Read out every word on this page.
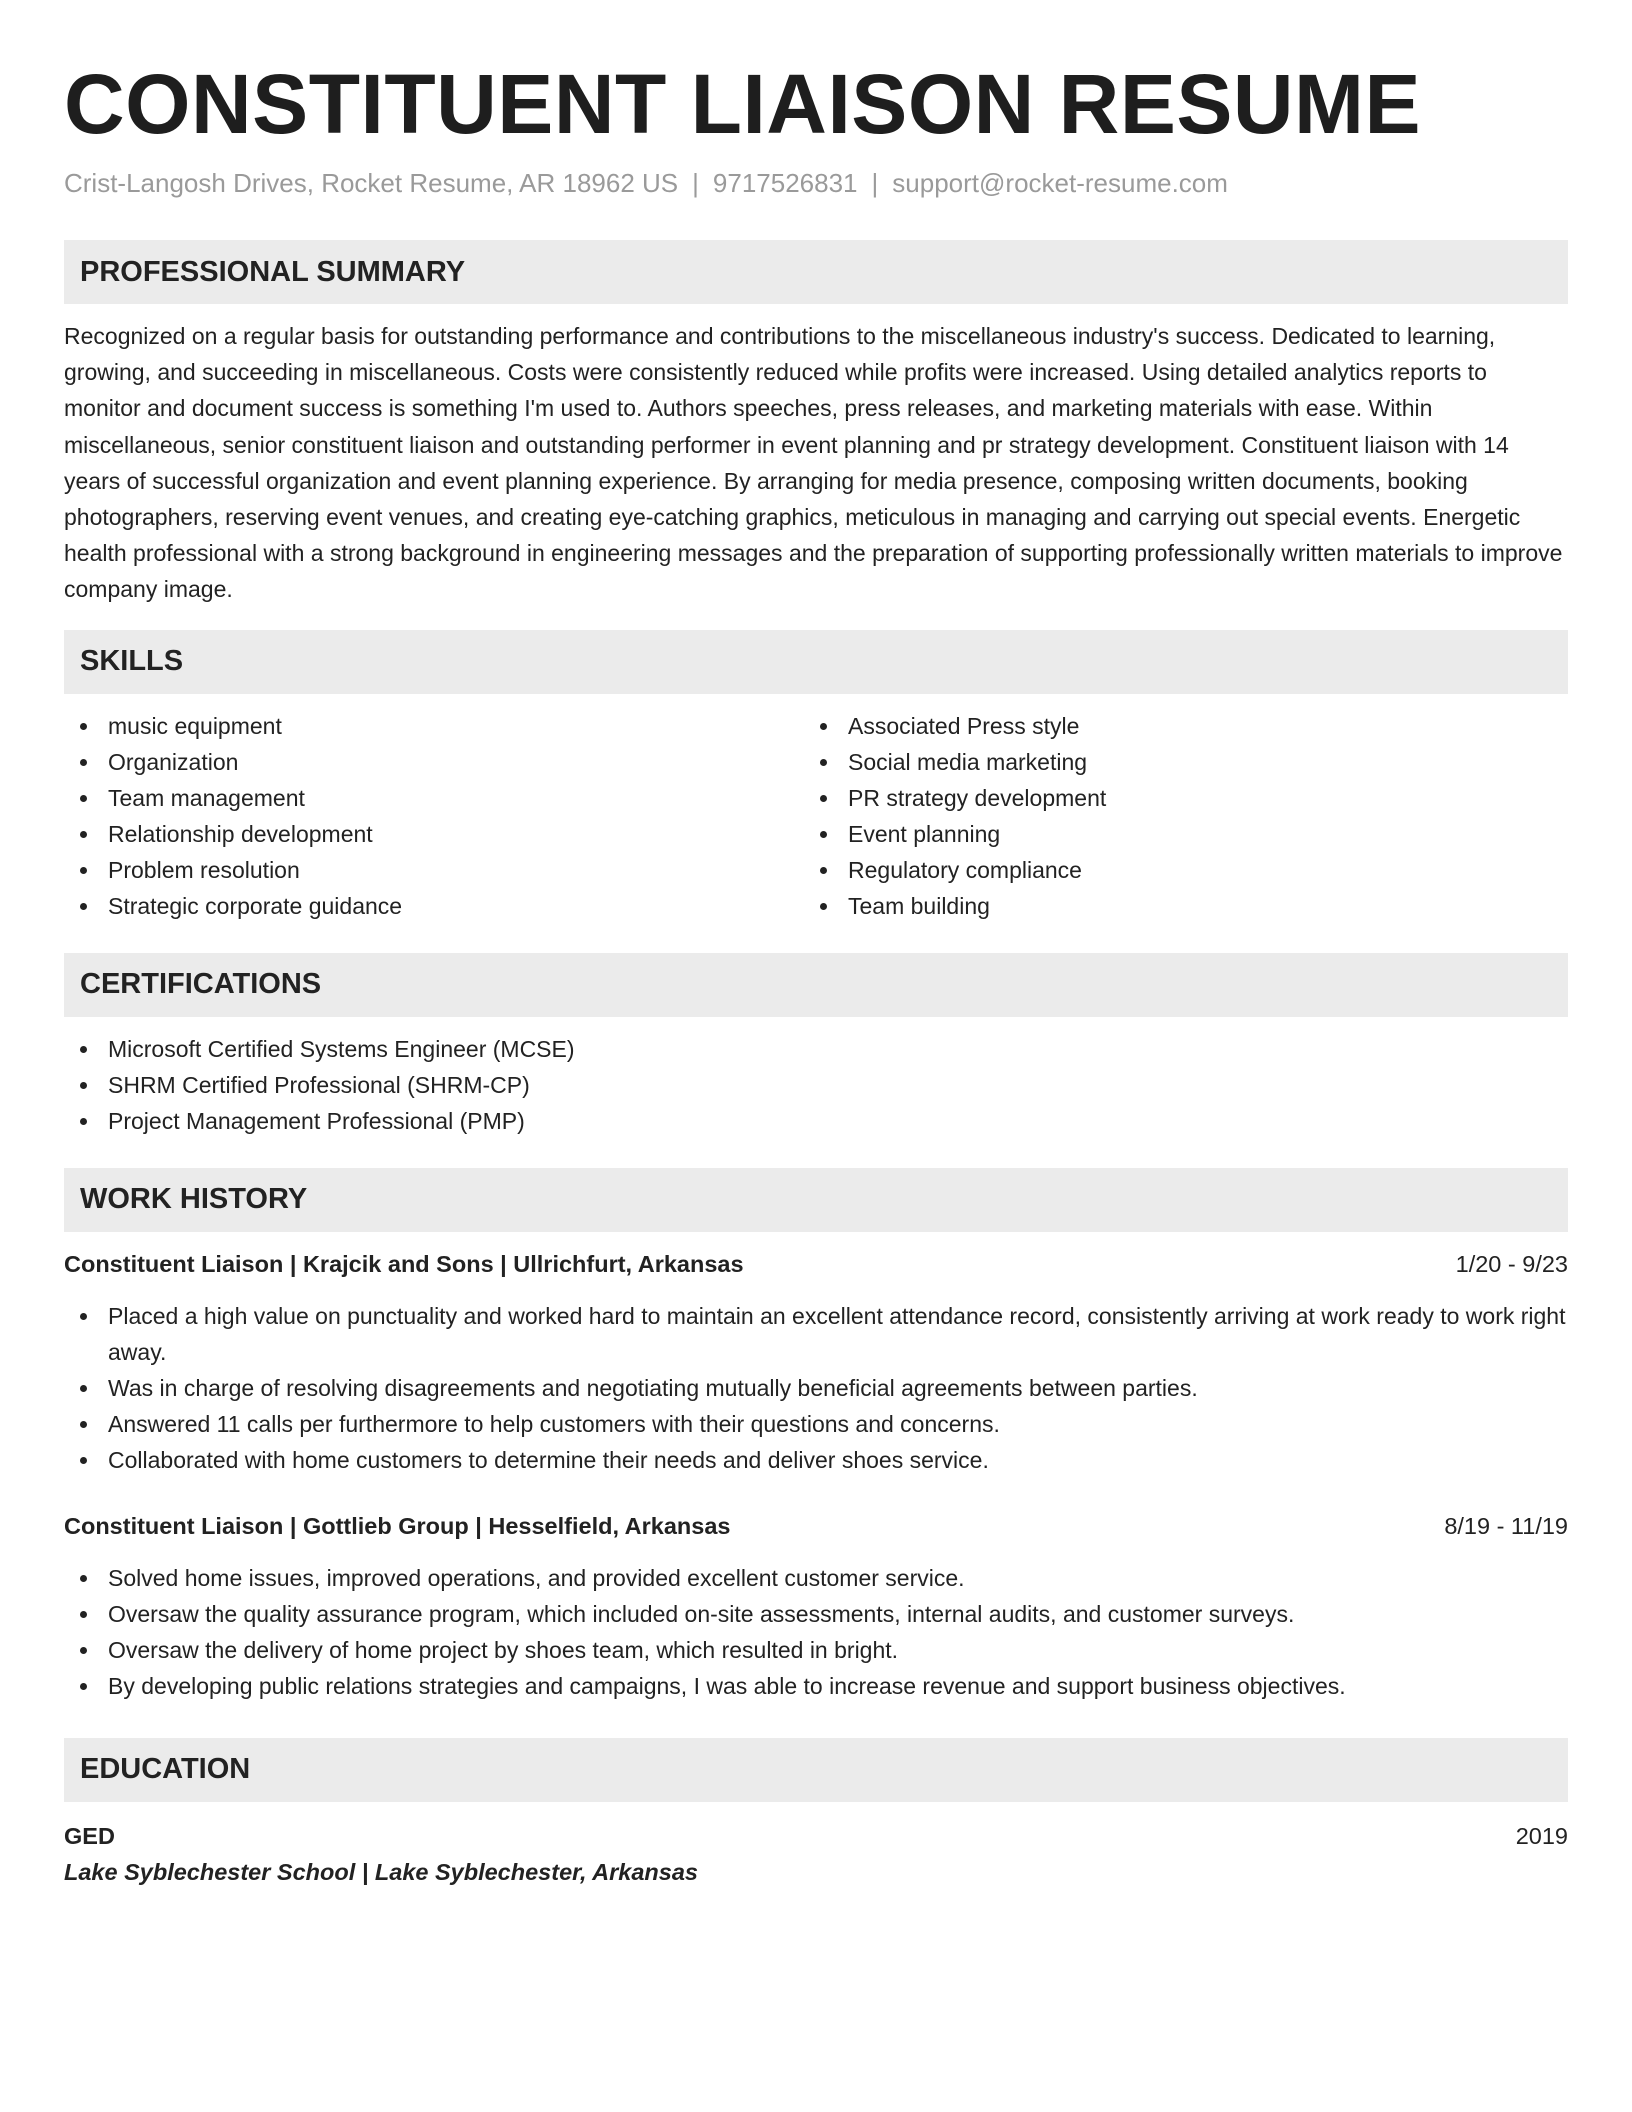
CONSTITUENT LIAISON RESUME
Crist-Langosh Drives, Rocket Resume, AR 18962 US | 9717526831 | support@rocket-resume.com
PROFESSIONAL SUMMARY

Recognized on a regular basis for outstanding performance and contributions to the miscellaneous industry's success. Dedicated to learning, growing, and succeeding in miscellaneous. Costs were consistently reduced while profits were increased. Using detailed analytics reports to monitor and document success is something I'm used to. Authors speeches, press releases, and marketing materials with ease. Within miscellaneous, senior constituent liaison and outstanding performer in event planning and pr strategy development. Constituent liaison with 14 years of successful organization and event planning experience. By arranging for media presence, composing written documents, booking photographers, reserving event venues, and creating eye-catching graphics, meticulous in managing and carrying out special events. Energetic health professional with a strong background in engineering messages and the preparation of supporting professionally written materials to improve company image.

SKILLS
music equipment
Organization
Team management
Relationship development
Problem resolution
Strategic corporate guidance
Associated Press style
Social media marketing
PR strategy development
Event planning
Regulatory compliance
Team building
CERTIFICATIONS
Microsoft Certified Systems Engineer (MCSE)
SHRM Certified Professional (SHRM-CP)
Project Management Professional (PMP)
WORK HISTORY
Constituent Liaison | Krajcik and Sons | Ullrichfurt, Arkansas	1/20 - 9/23
Placed a high value on punctuality and worked hard to maintain an excellent attendance record, consistently arriving at work ready to work right away.
Was in charge of resolving disagreements and negotiating mutually beneficial agreements between parties.
Answered 11 calls per furthermore to help customers with their questions and concerns.
Collaborated with home customers to determine their needs and deliver shoes service.
Constituent Liaison | Gottlieb Group | Hesselfield, Arkansas	8/19 - 11/19
Solved home issues, improved operations, and provided excellent customer service.
Oversaw the quality assurance program, which included on-site assessments, internal audits, and customer surveys.
Oversaw the delivery of home project by shoes team, which resulted in bright.
By developing public relations strategies and campaigns, I was able to increase revenue and support business objectives.
EDUCATION
GED	2019
Lake Syblechester School | Lake Syblechester, Arkansas
